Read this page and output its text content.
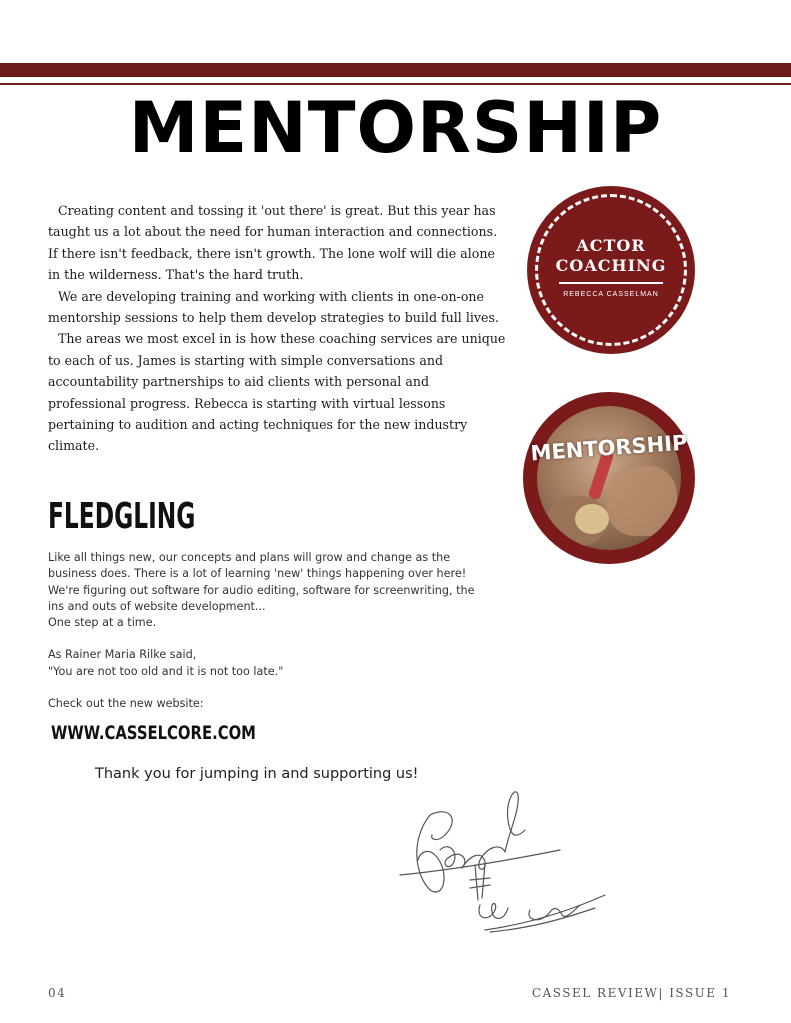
MENTORSHIP

Creating content and tossing it 'out there' is great. But this year has taught us a lot about the need for human interaction and connections. If there isn't feedback, there isn't growth. The lone wolf will die alone in the wilderness. That's the hard truth.

We are developing training and working with clients in one-on-one mentorship sessions to help them develop strategies to build full lives.

The areas we most excel in is how these coaching services are unique to each of us. James is starting with simple conversations and accountability partnerships to aid clients with personal and professional progress. Rebecca is starting with virtual lessons pertaining to audition and acting techniques for the new industry climate.

ACTOR
COACHING
REBECCA CASSELMAN
MENTORSHIP
FLEDGLING

Like all things new, our concepts and plans will grow and change as the business does. There is a lot of learning 'new' things happening over here! We're figuring out software for audio editing, software for screenwriting, the ins and outs of website development...

One step at a time.

As Rainer Maria Rilke said,

"You are not too old and it is not too late."

Check out the new website:

WWW.CASSELCORE.COM
Thank you for jumping in and supporting us!
04	CASSEL REVIEW| ISSUE 1
